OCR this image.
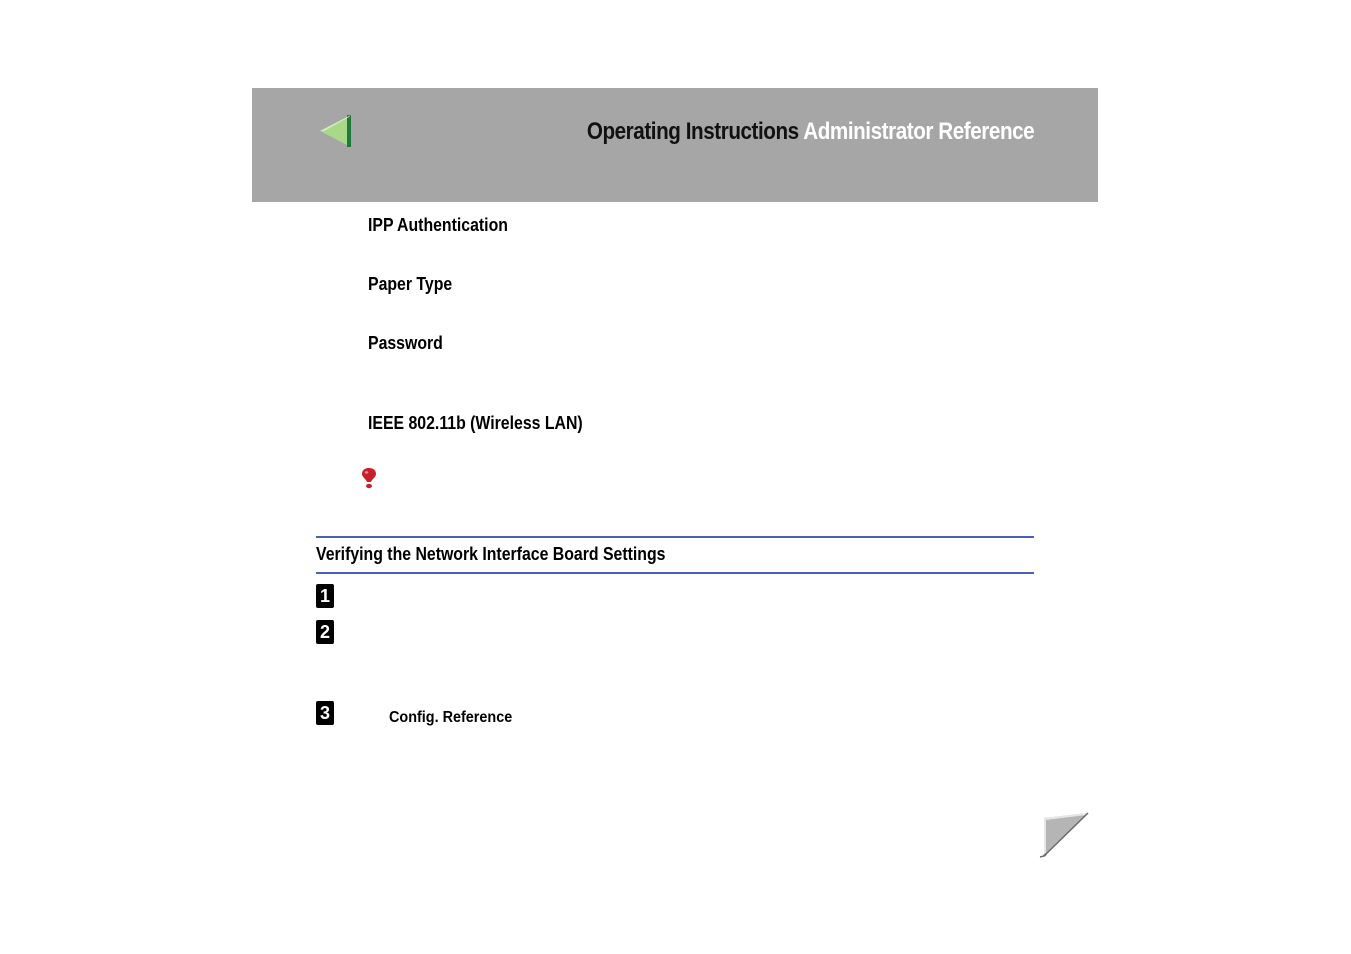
Operating Instructions Administrator Reference
IPP Authentication
Paper Type
Password
IEEE 802.11b (Wireless LAN)
Verifying the Network Interface Board Settings
1
2
3	Config. Reference
